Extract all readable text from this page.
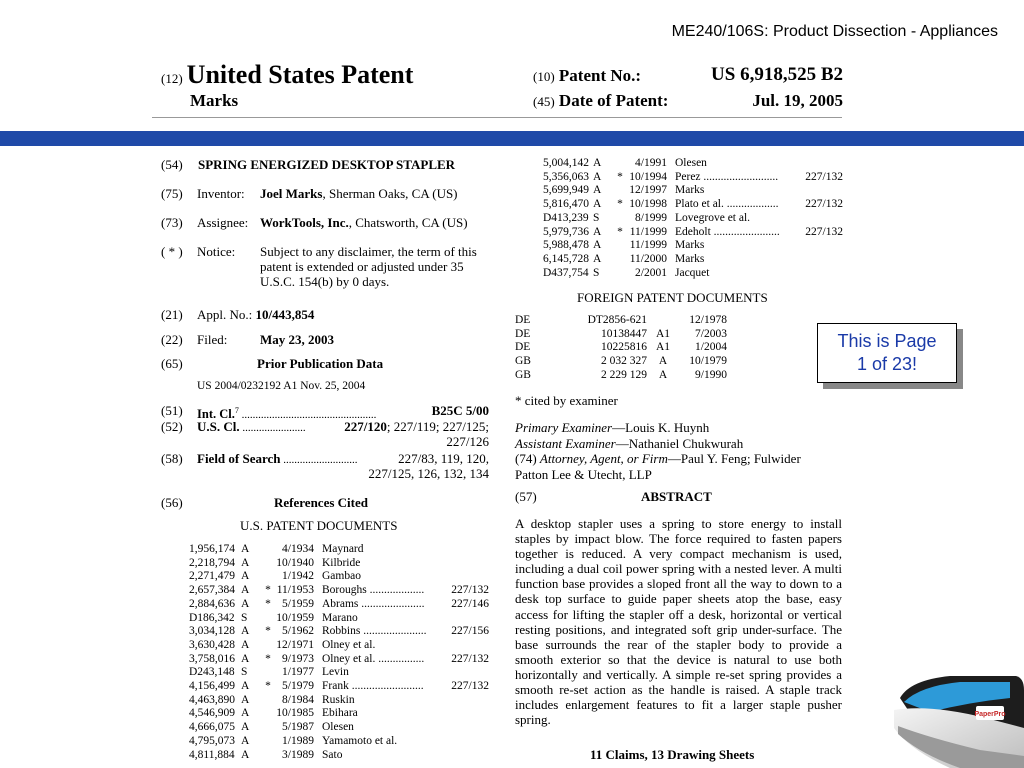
ME240/106S: Product Dissection - Appliances
(12) United States Patent
Marks
(10) Patent No.:	US 6,918,525 B2
(45) Date of Patent:	Jul. 19, 2005
(54) SPRING ENERGIZED DESKTOP STAPLER
(75) Inventor: Joel Marks, Sherman Oaks, CA (US)
(73) Assignee: WorkTools, Inc., Chatsworth, CA (US)
( * ) Notice: Subject to any disclaimer, the term of this
patent is extended or adjusted under 35
U.S.C. 154(b) by 0 days.
(21) Appl. No.: 10/443,854
(22) Filed:	May 23, 2003
(65)	Prior Publication Data
US 2004/0232192 A1 Nov. 25, 2004
(51) Int. Cl.$^7$ .................................................	B25C 5/00
(52) U.S. Cl. .......................	227/120; 227/119; 227/125;
227/126
(58) Field of Search ...........................	227/83, 119, 120,
227/125, 126, 132, 134
(56)	References Cited
U.S. PATENT DOCUMENTS
1,956,174	A		4/1934	Maynard	
2,218,794	A		10/1940	Kilbride	
2,271,479	A		1/1942	Gambao	
2,657,384	A	*	11/1953	Boroughs ...................	227/132
2,884,636	A	*	5/1959	Abrams ......................	227/146
D186,342	S		10/1959	Marano	
3,034,128	A	*	5/1962	Robbins ......................	227/156
3,630,428	A		12/1971	Olney et al.	
3,758,016	A	*	9/1973	Olney et al. ................	227/132
D243,148	S		1/1977	Levin	
4,156,499	A	*	5/1979	Frank .........................	227/132
4,463,890	A		8/1984	Ruskin	
4,546,909	A		10/1985	Ebihara	
4,666,075	A		5/1987	Olesen	
4,795,073	A		1/1989	Yamamoto et al.	
4,811,884	A		3/1989	Sato	
5,004,142	A		4/1991	Olesen	
5,356,063	A	*	10/1994	Perez ..........................	227/132
5,699,949	A		12/1997	Marks	
5,816,470	A	*	10/1998	Plato et al. ..................	227/132
D413,239	S		8/1999	Lovegrove et al.	
5,979,736	A	*	11/1999	Edeholt .......................	227/132
5,988,478	A		11/1999	Marks	
6,145,728	A		11/2000	Marks	
D437,754	S		2/2001	Jacquet	
FOREIGN PATENT DOCUMENTS
DE	DT2856-621		12/1978
DE	10138447	A1	7/2003
DE	10225816	A1	1/2004
GB	2 032 327	A	10/1979
GB	2 229 129	A	9/1990
* cited by examiner
Primary Examiner—Louis K. Huynh
Assistant Examiner—Nathaniel Chukwurah
(74) Attorney, Agent, or Firm—Paul Y. Feng; Fulwider
Patton Lee & Utecht, LLP
(57)	ABSTRACT
A desktop stapler uses a spring to store energy to install staples by impact blow. The force required to fasten papers together is reduced. A very compact mechanism is used, including a dual coil power spring with a nested lever. A multi function base provides a sloped front all the way to down to a desk top surface to guide paper sheets atop the base, easy access for lifting the stapler off a desk, horizontal or vertical resting positions, and integrated soft grip under-surface. The base surrounds the rear of the stapler body to provide a smooth exterior so that the device is natural to use both horizontally and vertically. A simple re-set spring provides a smooth re-set action as the handle is raised. A staple track includes enlargement features to fit a larger staple pusher spring.
11 Claims, 13 Drawing Sheets
This is Page
1 of 23!
PaperPro
